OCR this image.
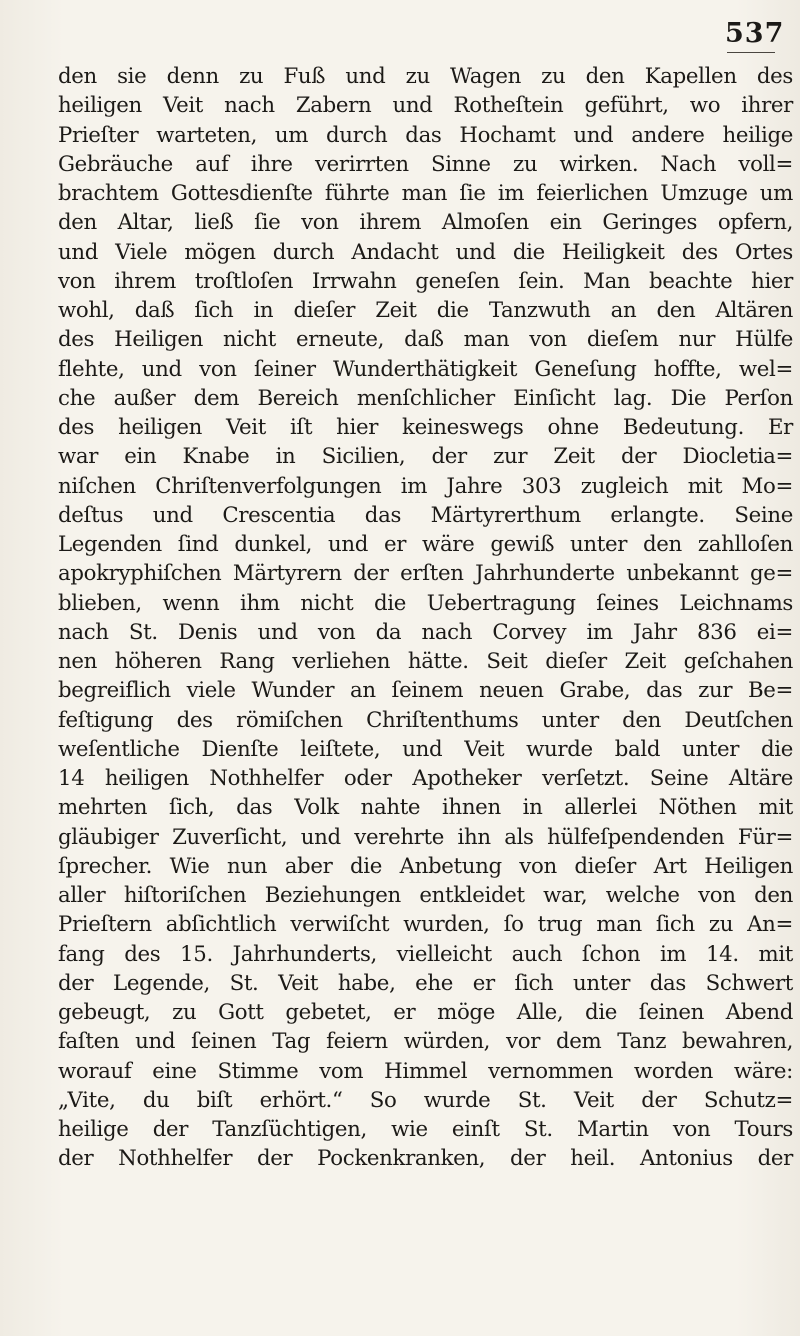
537
den sie denn zu Fuß und zu Wagen zu den Kapellen des
heiligen Veit nach Zabern und Rotheſtein geführt, wo ihrer
Prieſter warteten, um durch das Hochamt und andere heilige
Gebräuche auf ihre verirrten Sinne zu wirken. Nach voll=
brachtem Gottesdienſte führte man ſie im feierlichen Umzuge um
den Altar, ließ ſie von ihrem Almoſen ein Geringes opfern,
und Viele mögen durch Andacht und die Heiligkeit des Ortes
von ihrem troſtloſen Irrwahn geneſen ſein. Man beachte hier
wohl, daß ſich in dieſer Zeit die Tanzwuth an den Altären
des Heiligen nicht erneute, daß man von dieſem nur Hülfe
flehte, und von ſeiner Wunderthätigkeit Geneſung hoffte, wel=
che außer dem Bereich menſchlicher Einſicht lag. Die Perſon
des heiligen Veit iſt hier keineswegs ohne Bedeutung. Er
war ein Knabe in Sicilien, der zur Zeit der Diocletia=
niſchen Chriſtenverfolgungen im Jahre 303 zugleich mit Mo=
deſtus und Crescentia das Märtyrerthum erlangte. Seine
Legenden ſind dunkel, und er wäre gewiß unter den zahlloſen
apokryphiſchen Märtyrern der erſten Jahrhunderte unbekannt ge=
blieben, wenn ihm nicht die Uebertragung ſeines Leichnams
nach St. Denis und von da nach Corvey im Jahr 836 ei=
nen höheren Rang verliehen hätte. Seit dieſer Zeit geſchahen
begreiflich viele Wunder an ſeinem neuen Grabe, das zur Be=
feſtigung des römiſchen Chriſtenthums unter den Deutſchen
weſentliche Dienſte leiſtete, und Veit wurde bald unter die
14 heiligen Nothhelfer oder Apotheker verſetzt. Seine Altäre
mehrten ſich, das Volk nahte ihnen in allerlei Nöthen mit
gläubiger Zuverſicht, und verehrte ihn als hülfeſpendenden Für=
ſprecher. Wie nun aber die Anbetung von dieſer Art Heiligen
aller hiſtoriſchen Beziehungen entkleidet war, welche von den
Prieſtern abſichtlich verwiſcht wurden, ſo trug man ſich zu An=
fang des 15. Jahrhunderts, vielleicht auch ſchon im 14. mit
der Legende, St. Veit habe, ehe er ſich unter das Schwert
gebeugt, zu Gott gebetet, er möge Alle, die ſeinen Abend
faſten und ſeinen Tag feiern würden, vor dem Tanz bewahren,
worauf eine Stimme vom Himmel vernommen worden wäre:
„Vite, du biſt erhört.“ So wurde St. Veit der Schutz=
heilige der Tanzſüchtigen, wie einſt St. Martin von Tours
der Nothhelfer der Pockenkranken, der heil. Antonius der
